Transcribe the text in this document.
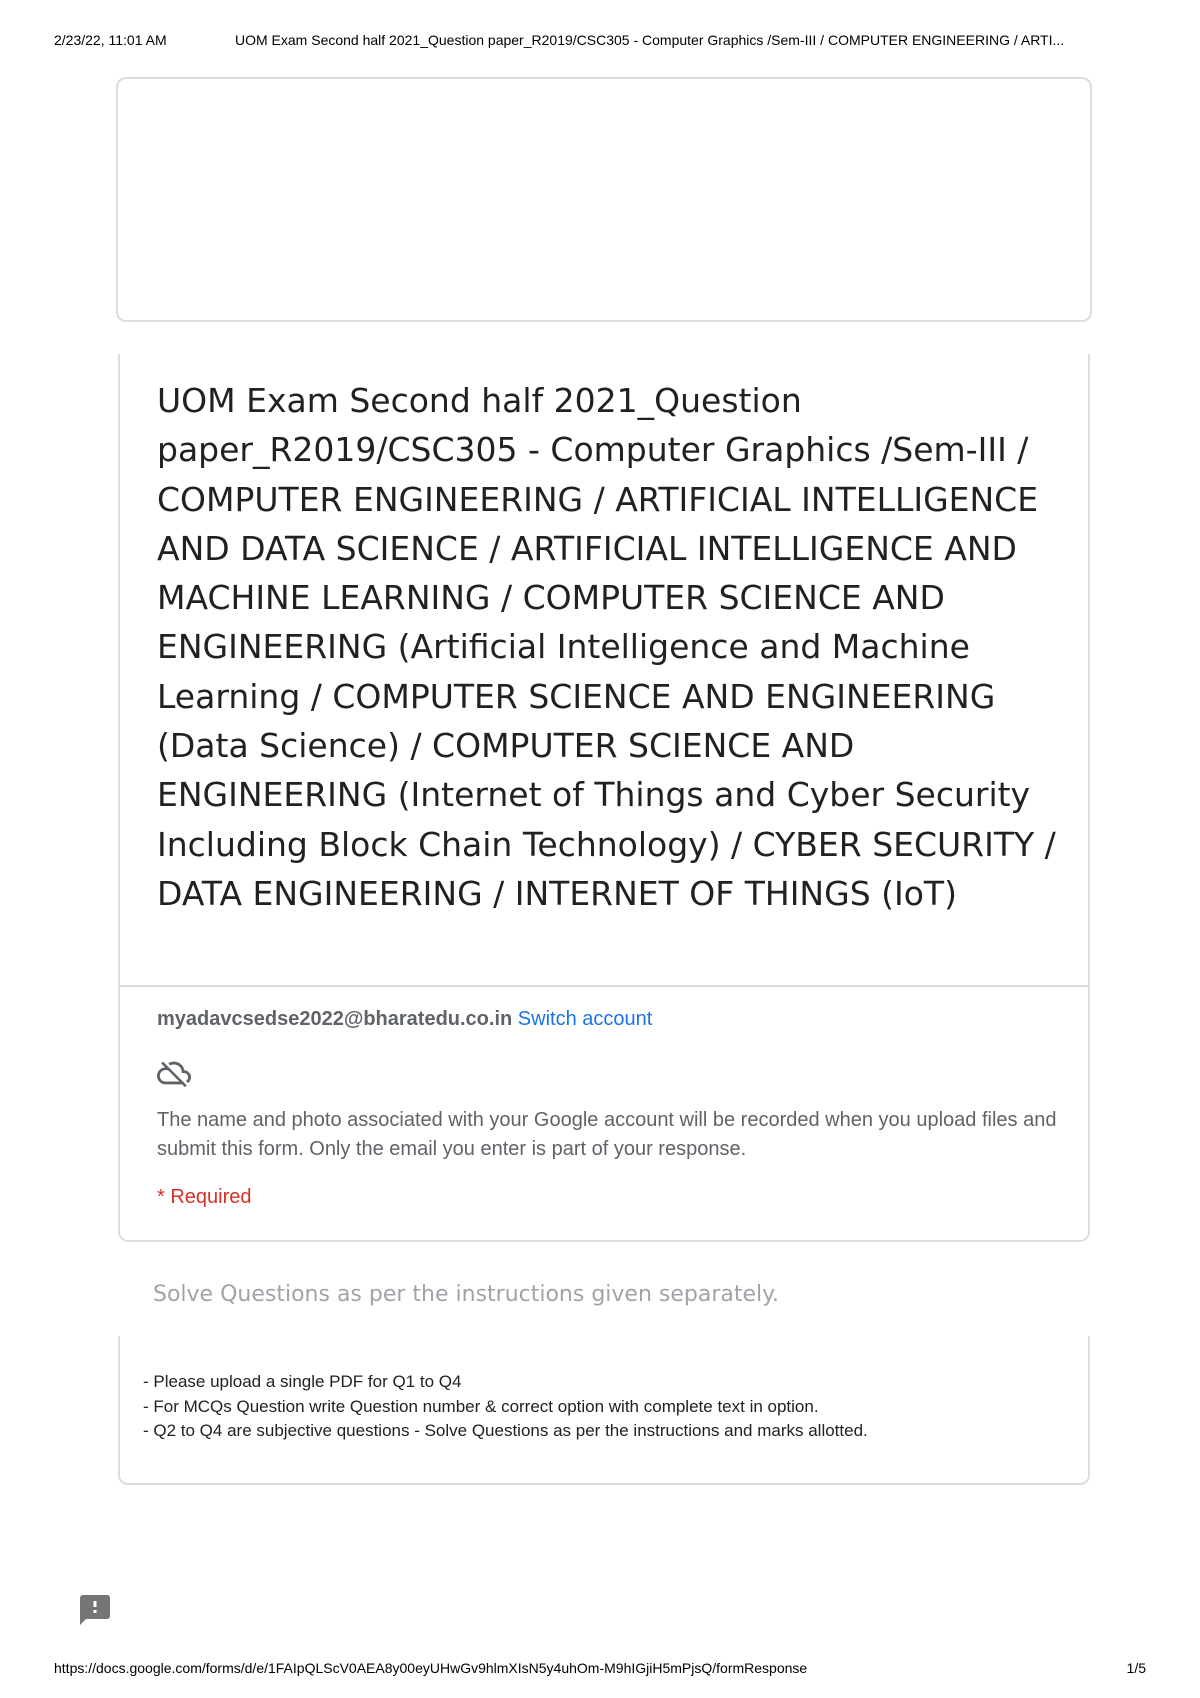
2/23/22, 11:01 AM	UOM Exam Second half 2021_Question paper_R2019/CSC305 - Computer Graphics /Sem-III / COMPUTER ENGINEERING / ARTI...
UOM Exam Second half 2021_Question paper_R2019/CSC305 - Computer Graphics /Sem-III / COMPUTER ENGINEERING / ARTIFICIAL INTELLIGENCE AND DATA SCIENCE / ARTIFICIAL INTELLIGENCE AND MACHINE LEARNING / COMPUTER SCIENCE AND ENGINEERING (Artificial Intelligence and Machine Learning / COMPUTER SCIENCE AND ENGINEERING (Data Science) / COMPUTER SCIENCE AND ENGINEERING (Internet of Things and Cyber Security Including Block Chain Technology) / CYBER SECURITY / DATA ENGINEERING / INTERNET OF THINGS (IoT)
myadavcsedse2022@bharatedu.co.in Switch account

The name and photo associated with your Google account will be recorded when you upload files and submit this form. Only the email you enter is part of your response.

* Required
Solve Questions as per the instructions given separately.
- Please upload a single PDF for Q1 to Q4
- For MCQs Question write Question number & correct option with complete text in option.
- Q2 to Q4 are subjective questions - Solve Questions as per the instructions and marks allotted.
https://docs.google.com/forms/d/e/1FAIpQLScV0AEA8y00eyUHwGv9hlmXIsN5y4uhOm-M9hIGjiH5mPjsQ/formResponse	1/5
